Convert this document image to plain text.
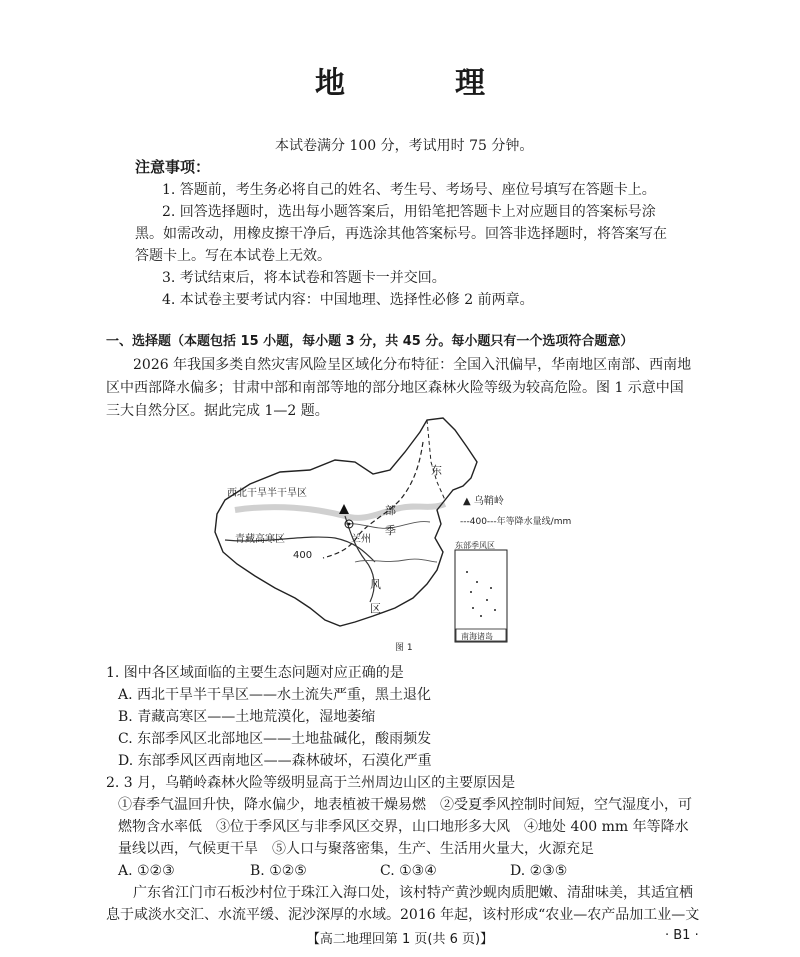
地　理
本试卷满分 100 分，考试用时 75 分钟。
注意事项：
1. 答题前，考生务必将自己的姓名、考生号、考场号、座位号填写在答题卡上。
2. 回答选择题时，选出每小题答案后，用铅笔把答题卡上对应题目的答案标号涂
黑。如需改动，用橡皮擦干净后，再选涂其他答案标号。回答非选择题时，将答案写在
答题卡上。写在本试卷上无效。
3. 考试结束后，将本试卷和答题卡一并交回。
4. 本试卷主要考试内容：中国地理、选择性必修 2 前两章。
一、选择题（本题包括 15 小题，每小题 3 分，共 45 分。每小题只有一个选项符合题意）
2026 年我国多类自然灾害风险呈区域化分布特征：全国入汛偏早，华南地区南部、西南地
区中西部降水偏多；甘肃中部和南部等地的部分地区森林火险等级为较高危险。图 1 示意中国
三大自然分区。据此完成 1—2 题。
西北干旱半干旱区
青藏高寒区
东
部
季
风
区
兰州
400
▲ 乌鞘岭
---400---年等降水量线/mm
东部季风区
南海诸岛
图 1
1. 图中各区域面临的主要生态问题对应正确的是
A. 西北干旱半干旱区——水土流失严重，黑土退化
B. 青藏高寒区——土地荒漠化，湿地萎缩
C. 东部季风区北部地区——土地盐碱化，酸雨频发
D. 东部季风区西南地区——森林破坏，石漠化严重
2. 3 月，乌鞘岭森林火险等级明显高于兰州周边山区的主要原因是
①春季气温回升快，降水偏少，地表植被干燥易燃　②受夏季风控制时间短，空气湿度小，可
燃物含水率低　③位于季风区与非季风区交界，山口地形多大风　④地处 400 mm 年等降水
量线以西，气候更干旱　⑤人口与聚落密集，生产、生活用火量大，火源充足
A. ①②③	B. ①②⑤	C. ①③④	D. ②③⑤
广东省江门市石板沙村位于珠江入海口处，该村特产黄沙蚬肉质肥嫩、清甜味美，其适宜栖
息于咸淡水交汇、水流平缓、泥沙深厚的水域。2016 年起，该村形成“农业—农产品加工业—文
【高二地理回第 1 页(共 6 页)】	· B1 ·
